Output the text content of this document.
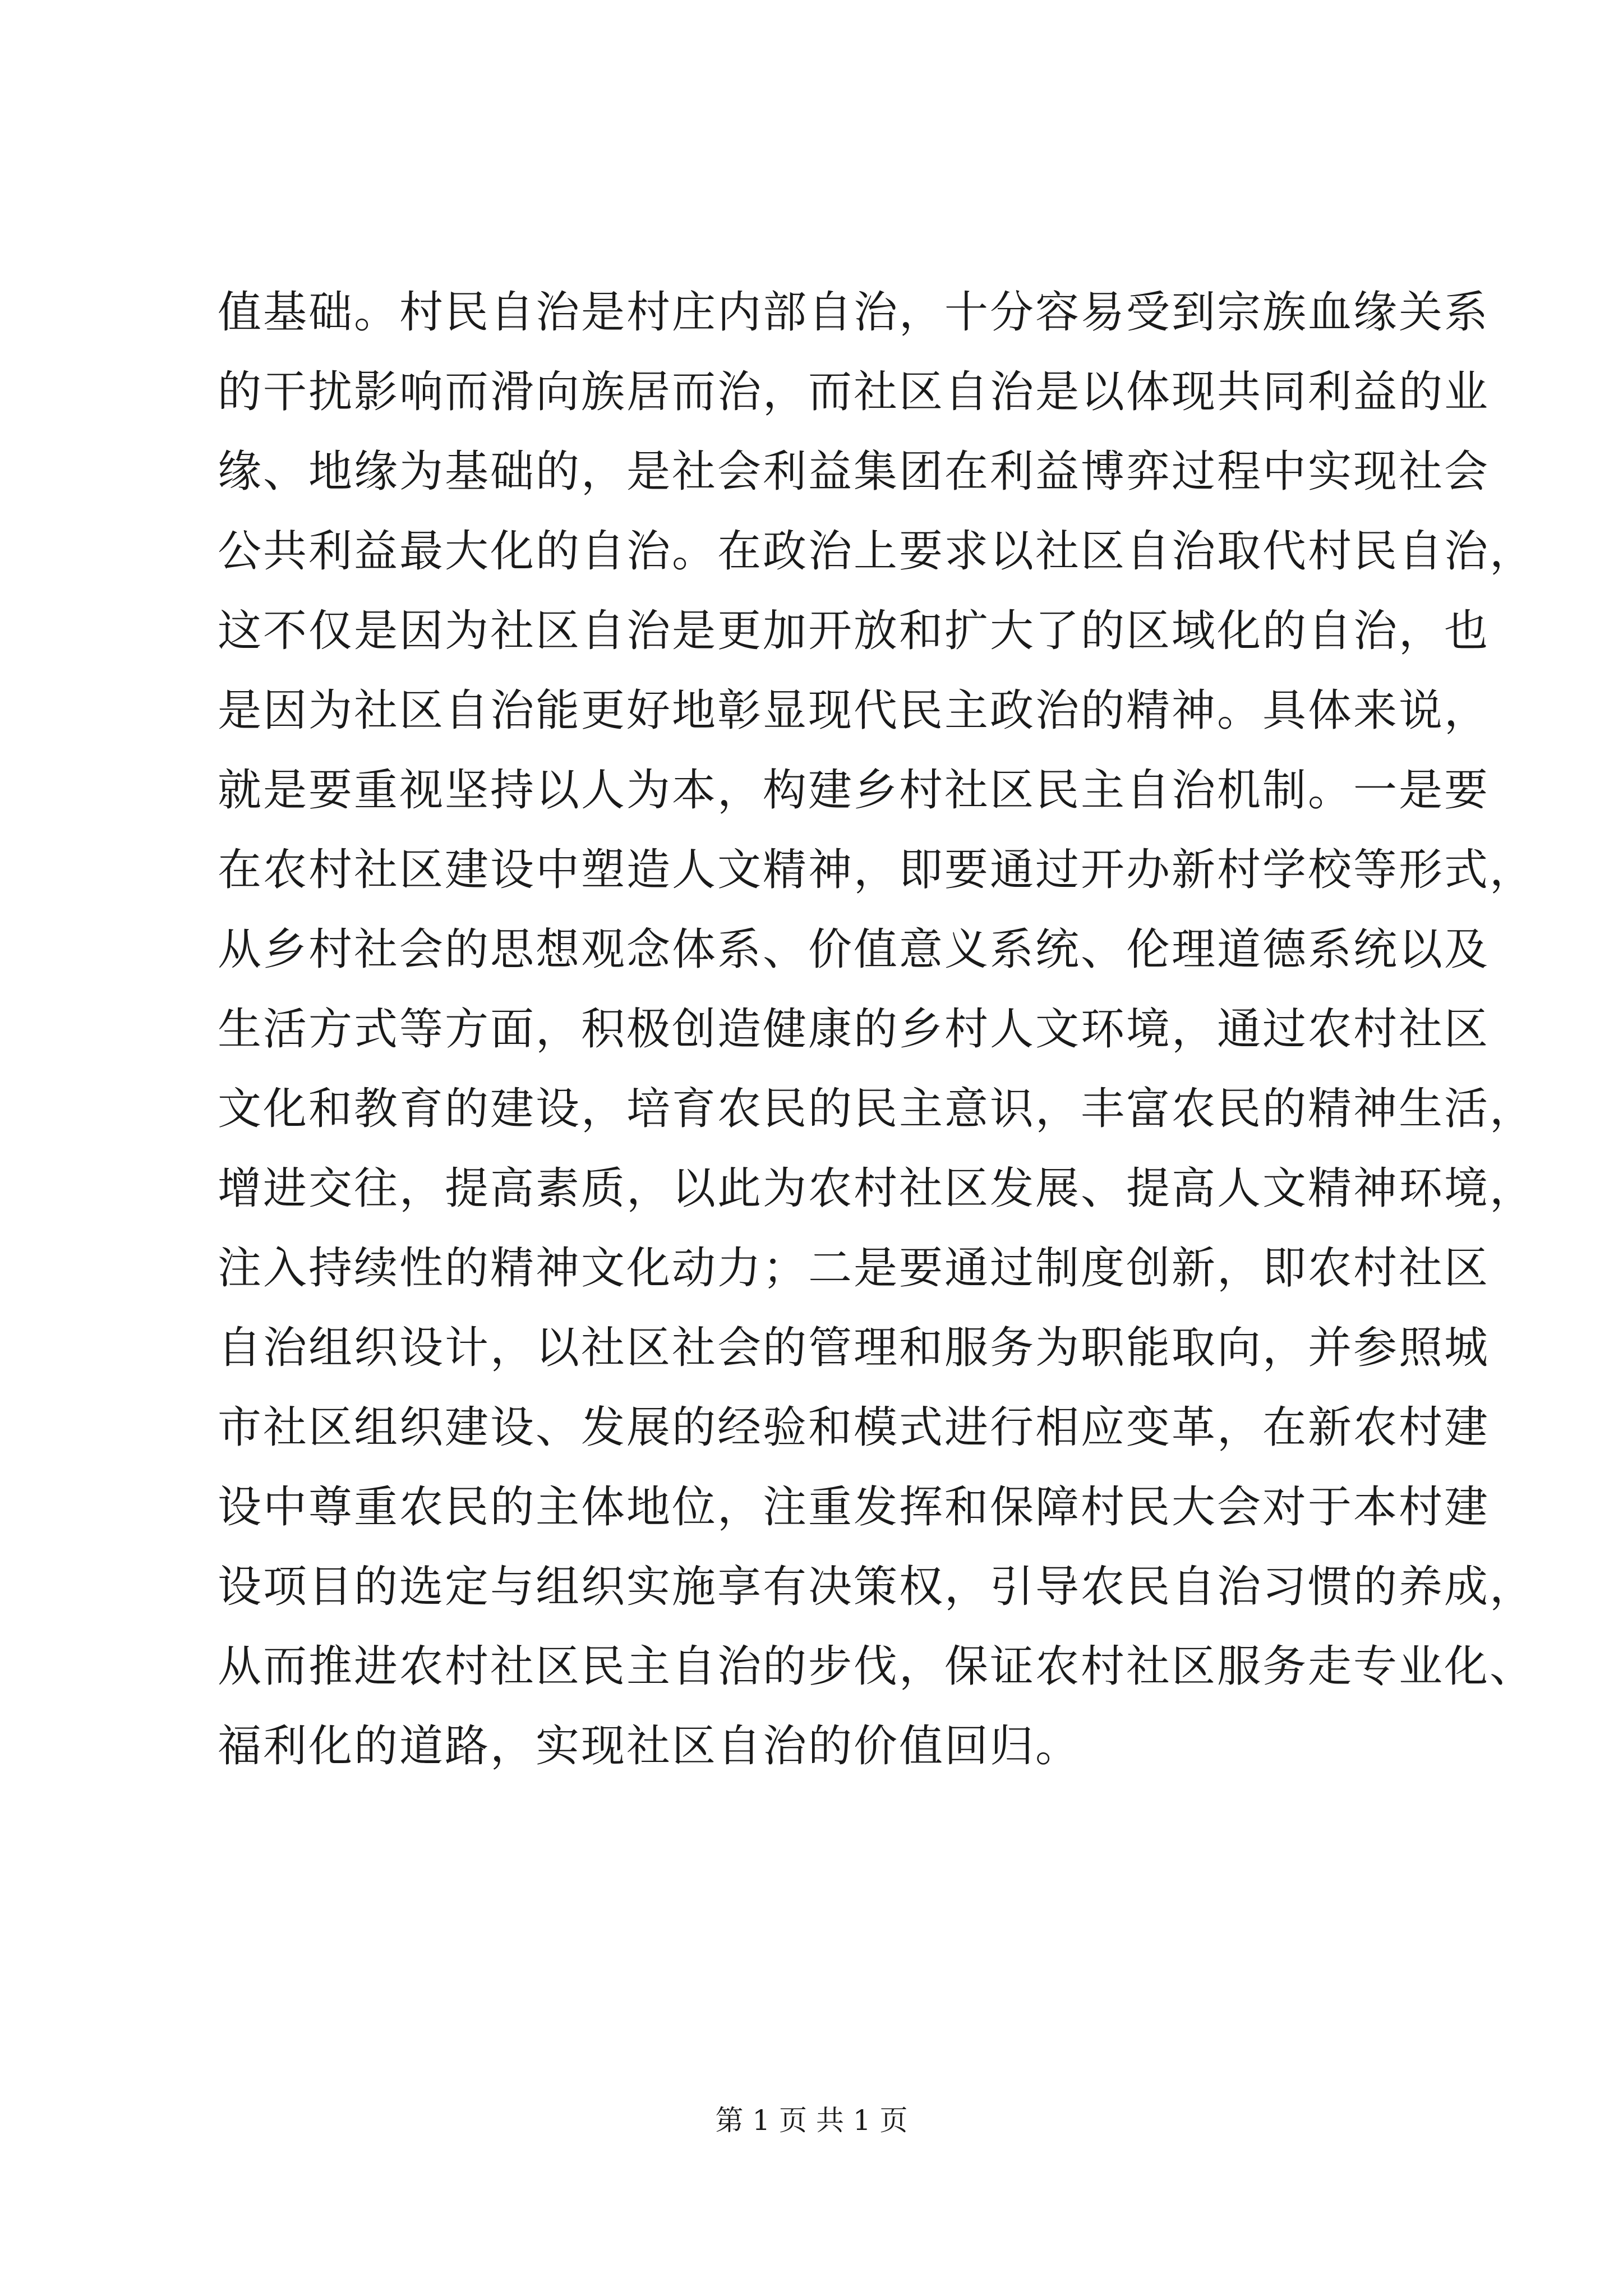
值基础。村民自治是村庄内部自治，十分容易受到宗族血缘关系
的干扰影响而滑向族居而治，而社区自治是以体现共同利益的业
缘、地缘为基础的，是社会利益集团在利益博弈过程中实现社会
公共利益最大化的自治。在政治上要求以社区自治取代村民自治，
这不仅是因为社区自治是更加开放和扩大了的区域化的自治，也
是因为社区自治能更好地彰显现代民主政治的精神。具体来说，
就是要重视坚持以人为本，构建乡村社区民主自治机制。一是要
在农村社区建设中塑造人文精神，即要通过开办新村学校等形式，
从乡村社会的思想观念体系、价值意义系统、伦理道德系统以及
生活方式等方面，积极创造健康的乡村人文环境，通过农村社区
文化和教育的建设，培育农民的民主意识，丰富农民的精神生活，
增进交往，提高素质，以此为农村社区发展、提高人文精神环境，
注入持续性的精神文化动力；二是要通过制度创新，即农村社区
自治组织设计，以社区社会的管理和服务为职能取向，并参照城
市社区组织建设、发展的经验和模式进行相应变革，在新农村建
设中尊重农民的主体地位，注重发挥和保障村民大会对于本村建
设项目的选定与组织实施享有决策权，引导农民自治习惯的养成，
从而推进农村社区民主自治的步伐，保证农村社区服务走专业化、
福利化的道路，实现社区自治的价值回归。
第 1 页 共 1 页
